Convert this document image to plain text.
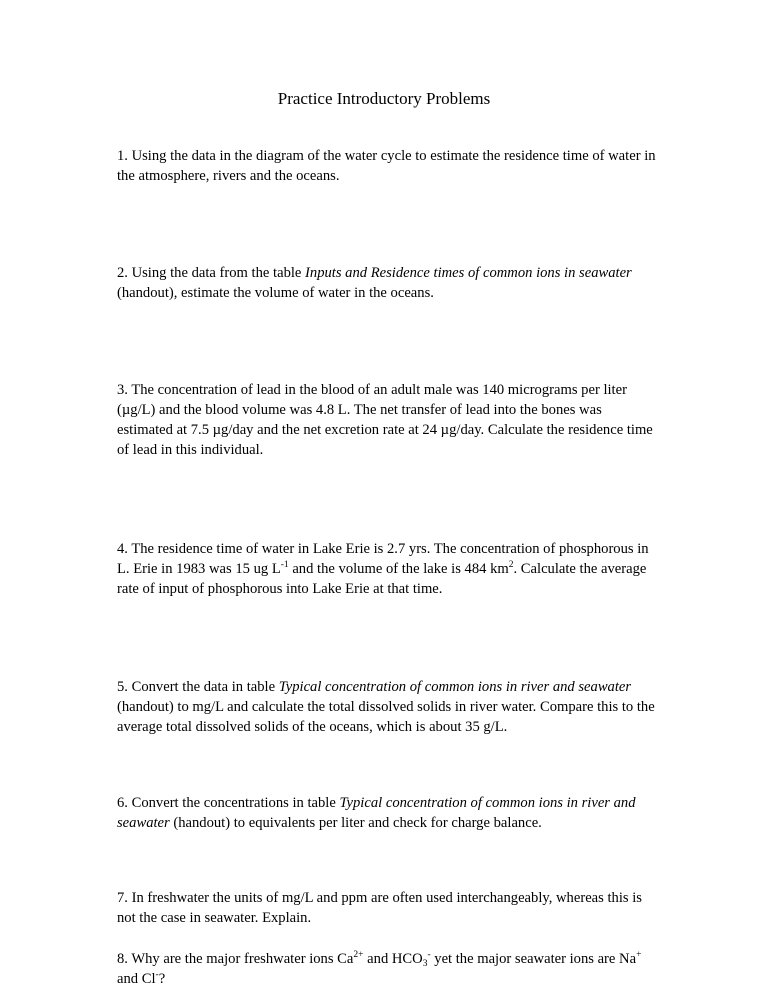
Practice Introductory Problems
1. Using the data in the diagram of the water cycle to estimate the residence time of water in the atmosphere, rivers and the oceans.
2. Using the data from the table Inputs and Residence times of common ions in seawater (handout), estimate the volume of water in the oceans.
3. The concentration of lead in the blood of an adult male was 140 micrograms per liter (µg/L) and the blood volume was 4.8 L. The net transfer of lead into the bones was estimated at 7.5 µg/day and the net excretion rate at 24 µg/day. Calculate the residence time of lead in this individual.
4. The residence time of water in Lake Erie is 2.7 yrs. The concentration of phosphorous in L. Erie in 1983 was 15 ug $L^{-1}$ and the volume of the lake is 484 $km^2$. Calculate the average rate of input of phosphorous into Lake Erie at that time.
5. Convert the data in table Typical concentration of common ions in river and seawater (handout) to mg/L and calculate the total dissolved solids in river water. Compare this to the average total dissolved solids of the oceans, which is about 35 g/L.
6. Convert the concentrations in table Typical concentration of common ions in river and seawater (handout) to equivalents per liter and check for charge balance.
7. In freshwater the units of mg/L and ppm are often used interchangeably, whereas this is not the case in seawater. Explain.
8. Why are the major freshwater ions $Ca^{2+}$ and $HCO_3^-$ yet the major seawater ions are Na+ and Cl-?
